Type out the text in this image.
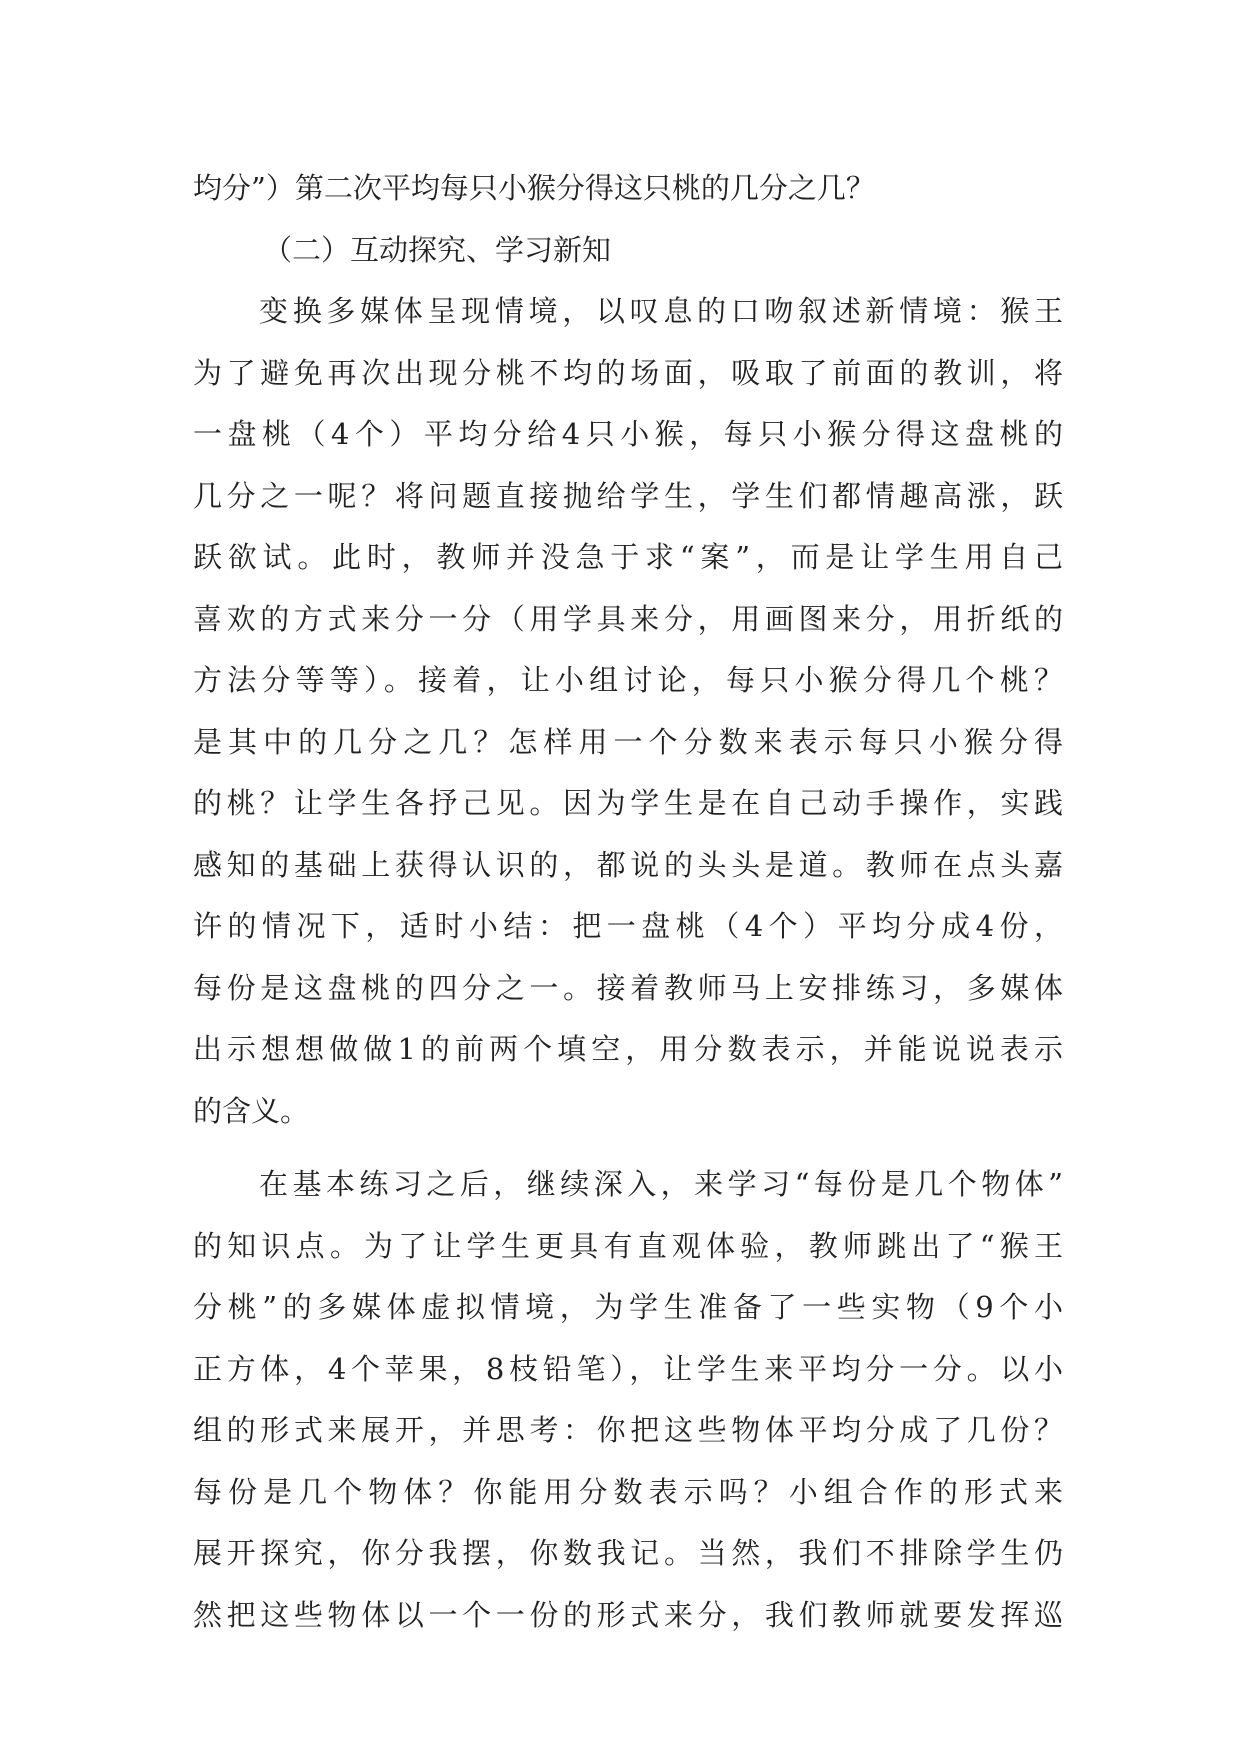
均分”）第二次平均每只小猴分得这只桃的几分之几？
（二）互动探究、学习新知
变换多媒体呈现情境，以叹息的口吻叙述新情境：猴王
为了避免再次出现分桃不均的场面，吸取了前面的教训，将
一盘桃（4个）平均分给4只小猴，每只小猴分得这盘桃的
几分之一呢？将问题直接抛给学生，学生们都情趣高涨，跃
跃欲试。此时，教师并没急于求“案”，而是让学生用自己
喜欢的方式来分一分（用学具来分，用画图来分，用折纸的
方法分等等）。接着，让小组讨论，每只小猴分得几个桃？
是其中的几分之几？怎样用一个分数来表示每只小猴分得
的桃？让学生各抒己见。因为学生是在自己动手操作，实践
感知的基础上获得认识的，都说的头头是道。教师在点头嘉
许的情况下，适时小结：把一盘桃（4个）平均分成4份，
每份是这盘桃的四分之一。接着教师马上安排练习，多媒体
出示想想做做1的前两个填空，用分数表示，并能说说表示
的含义。
在基本练习之后，继续深入，来学习“每份是几个物体”
的知识点。为了让学生更具有直观体验，教师跳出了“猴王
分桃”的多媒体虚拟情境，为学生准备了一些实物（9个小
正方体，4个苹果，8枝铅笔），让学生来平均分一分。以小
组的形式来展开，并思考：你把这些物体平均分成了几份？
每份是几个物体？你能用分数表示吗？小组合作的形式来
展开探究，你分我摆，你数我记。当然，我们不排除学生仍
然把这些物体以一个一份的形式来分，我们教师就要发挥巡
